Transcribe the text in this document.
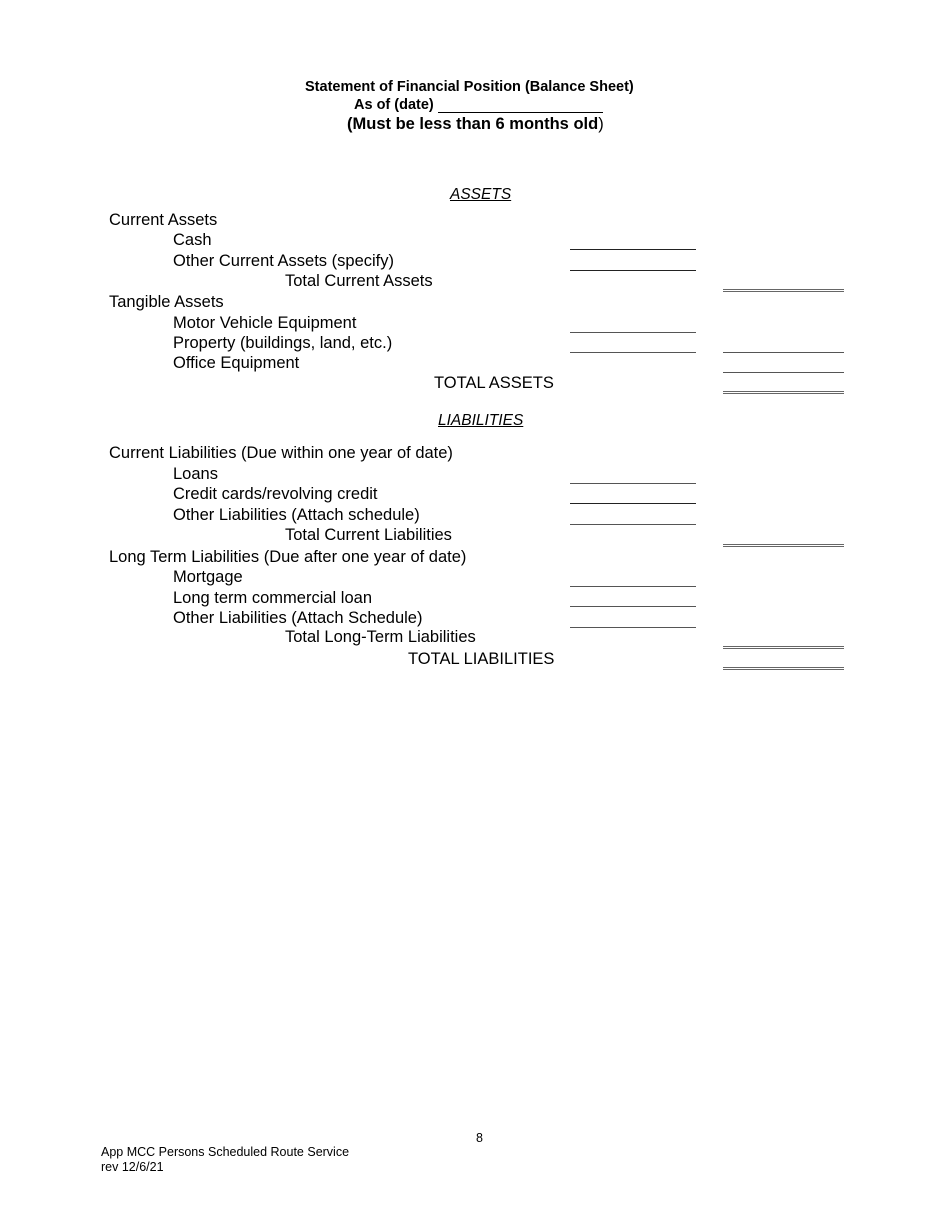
Statement of Financial Position (Balance Sheet)
As of (date)
(Must be less than 6 months old)
ASSETS
Current Assets
Cash
Other Current Assets (specify)
Total Current Assets
Tangible Assets
Motor Vehicle Equipment
Property (buildings, land, etc.)
Office Equipment
TOTAL ASSETS
LIABILITIES
Current Liabilities (Due within one year of date)
Loans
Credit cards/revolving credit
Other Liabilities (Attach schedule)
Total Current Liabilities
Long Term Liabilities (Due after one year of date)
Mortgage
Long term commercial loan
Other Liabilities (Attach Schedule)
Total Long-Term Liabilities
TOTAL LIABILITIES
8
App MCC Persons Scheduled Route Service
rev 12/6/21
